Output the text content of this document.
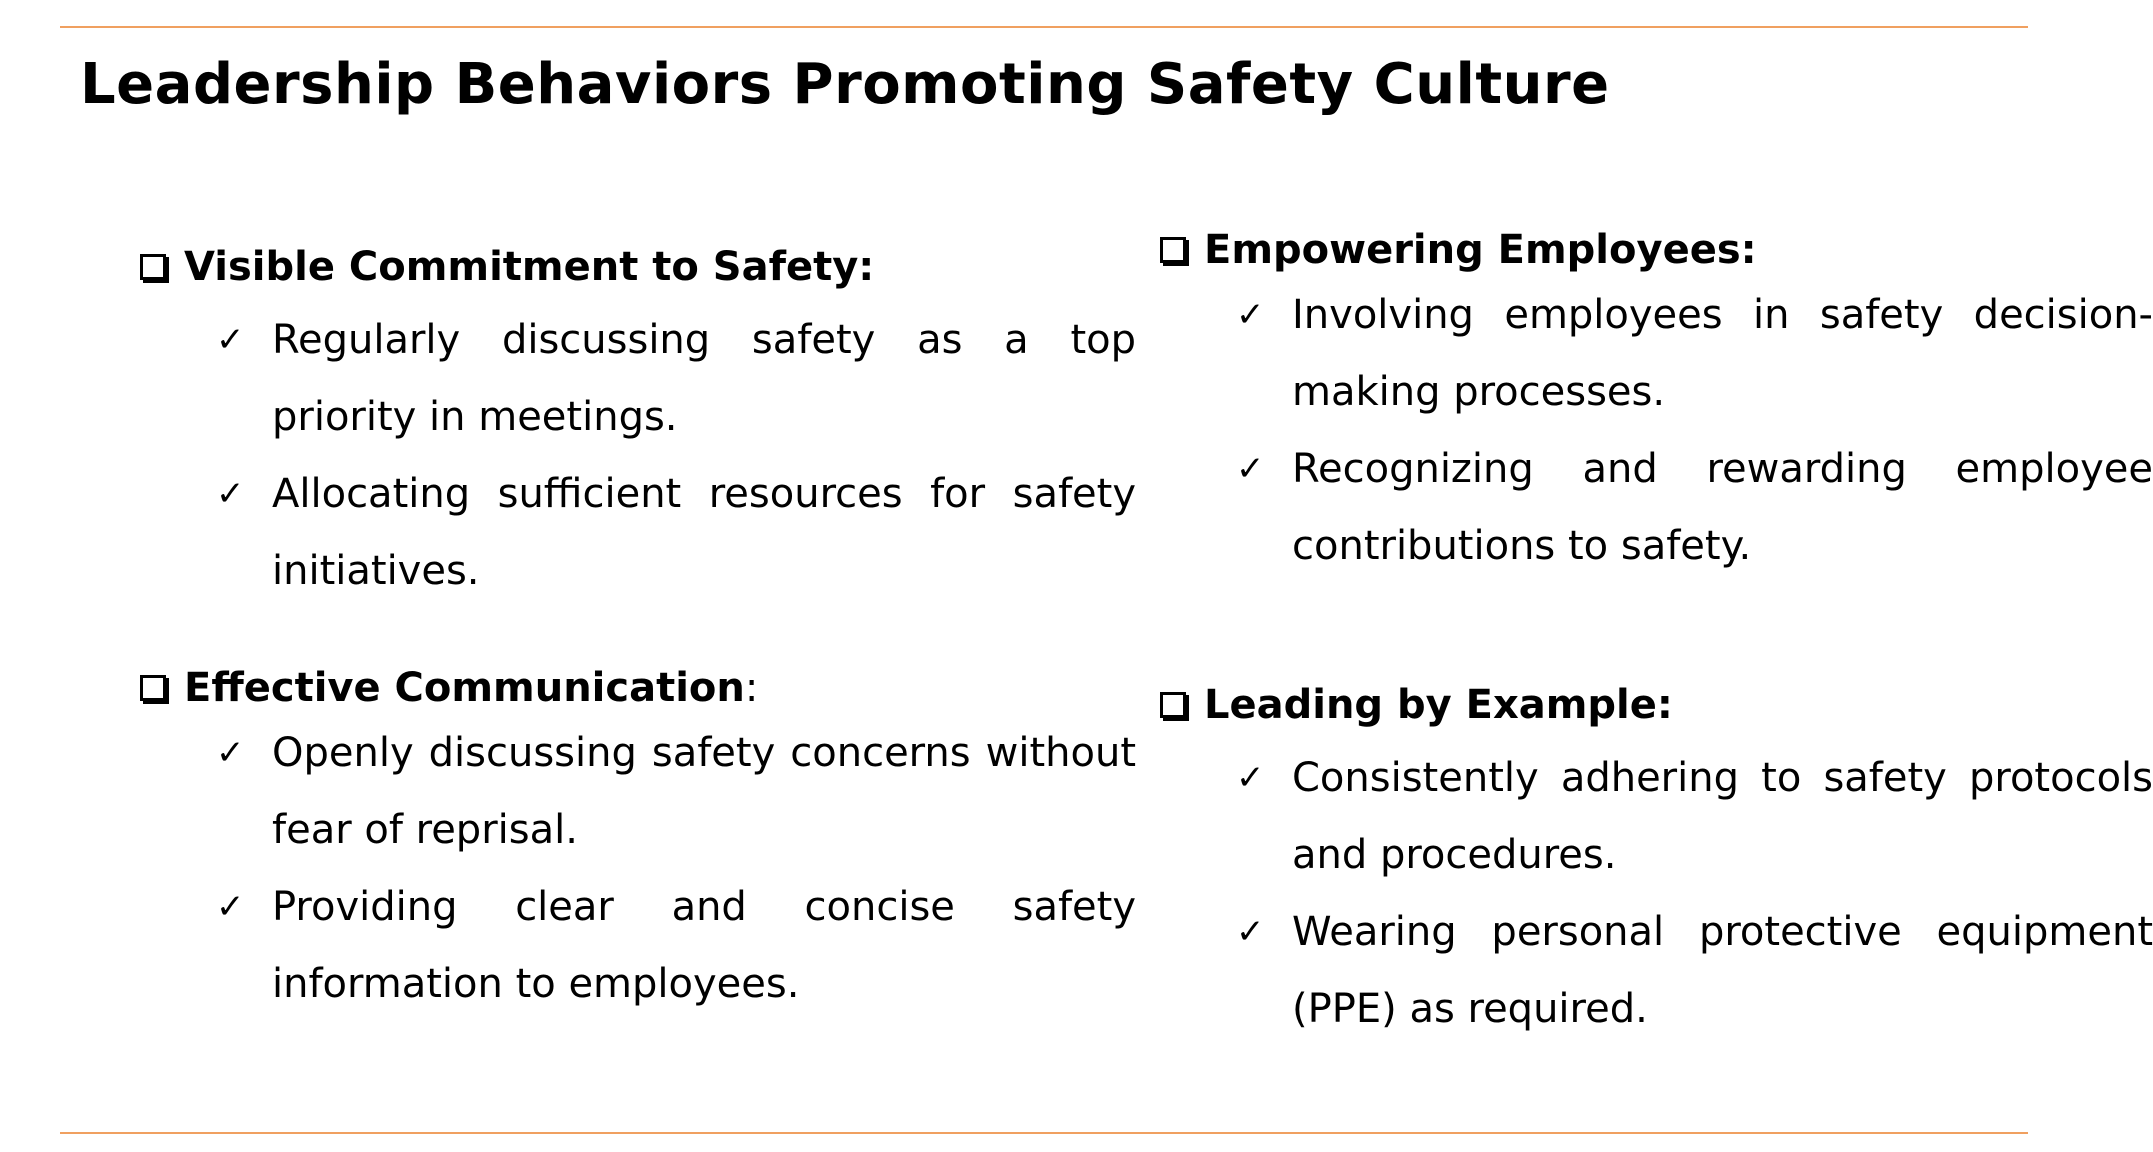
Leadership Behaviors Promoting Safety Culture
Visible Commitment to Safety:
✓ Regularly discussing safety as a top priority in meetings.
✓ Allocating sufficient resources for safety initiatives.
Effective Communication :
✓ Openly discussing safety concerns without fear of reprisal.
✓ Providing clear and concise safety information to employees.
Empowering Employees:
✓ Involving employees in safety decision-making processes.
✓ Recognizing and rewarding employee contributions to safety.
Leading by Example:
✓ Consistently adhering to safety protocols and procedures.
✓ Wearing personal protective equipment (PPE) as required.
